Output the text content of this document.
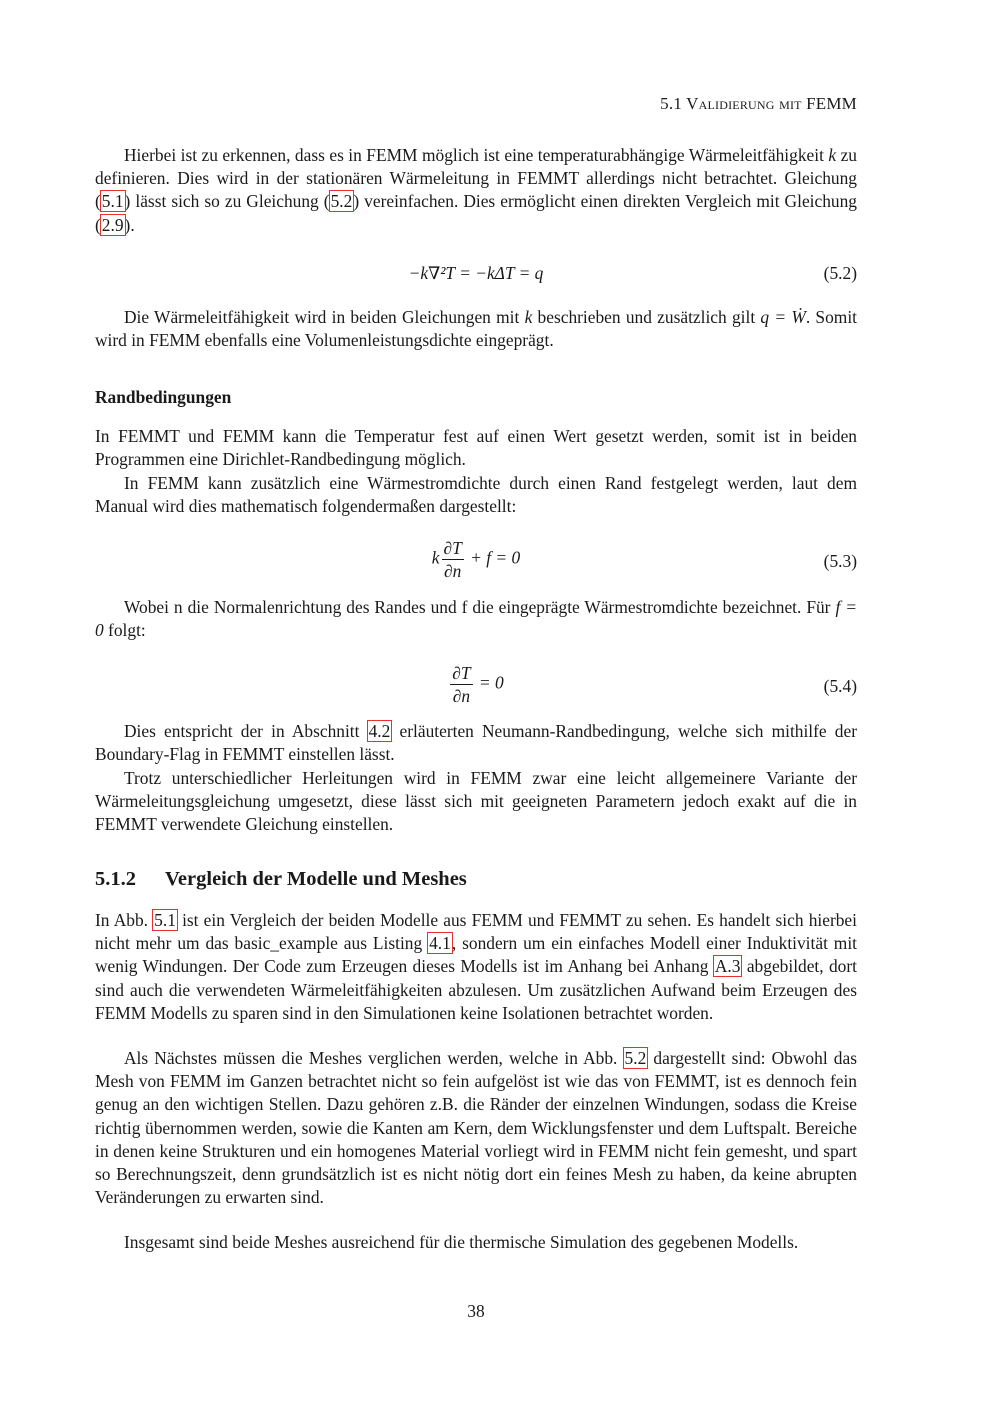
5.1 Validierung mit FEMM

Hierbei ist zu erkennen, dass es in FEMM möglich ist eine temperaturabhängige Wärmeleitfähigkeit k zu definieren. Dies wird in der stationären Wärmeleitung in FEMMT allerdings nicht betrachtet. Gleichung (5.1) lässt sich so zu Gleichung (5.2) vereinfachen. Dies ermöglicht einen direkten Vergleich mit Gleichung (2.9).

−k∇²T = −kΔT = q	(5.2)

Die Wärmeleitfähigkeit wird in beiden Gleichungen mit k beschrieben und zusätzlich gilt q = Ẇ. Somit wird in FEMM ebenfalls eine Volumenleistungsdichte eingeprägt.

Randbedingungen

In FEMMT und FEMM kann die Temperatur fest auf einen Wert gesetzt werden, somit ist in beiden Programmen eine Dirichlet-Randbedingung möglich.

In FEMM kann zusätzlich eine Wärmestromdichte durch einen Rand festgelegt werden, laut dem Manual wird dies mathematisch folgendermaßen dargestellt:

k $\frac{\partial T}{\partial n} + f = 0$	(5.3)

Wobei n die Normalenrichtung des Randes und f die eingeprägte Wärmestromdichte bezeichnet. Für f = 0 folgt:

$\frac{\partial T}{\partial n} = 0$	(5.4)

Dies entspricht der in Abschnitt 4.2 erläuterten Neumann-Randbedingung, welche sich mithilfe der Boundary-Flag in FEMMT einstellen lässt.

Trotz unterschiedlicher Herleitungen wird in FEMM zwar eine leicht allgemeinere Variante der Wärmeleitungsgleichung umgesetzt, diese lässt sich mit geeigneten Parametern jedoch exakt auf die in FEMMT verwendete Gleichung einstellen.

5.1.2 Vergleich der Modelle und Meshes

In Abb. 5.1 ist ein Vergleich der beiden Modelle aus FEMM und FEMMT zu sehen. Es handelt sich hierbei nicht mehr um das basic_example aus Listing 4.1, sondern um ein einfaches Modell einer Induktivität mit wenig Windungen. Der Code zum Erzeugen dieses Modells ist im Anhang bei Anhang A.3 abgebildet, dort sind auch die verwendeten Wärmeleitfähigkeiten abzulesen. Um zusätzlichen Aufwand beim Erzeugen des FEMM Modells zu sparen sind in den Simulationen keine Isolationen betrachtet worden.

Als Nächstes müssen die Meshes verglichen werden, welche in Abb. 5.2 dargestellt sind: Obwohl das Mesh von FEMM im Ganzen betrachtet nicht so fein aufgelöst ist wie das von FEMMT, ist es dennoch fein genug an den wichtigen Stellen. Dazu gehören z.B. die Ränder der einzelnen Windungen, sodass die Kreise richtig übernommen werden, sowie die Kanten am Kern, dem Wicklungsfenster und dem Luftspalt. Bereiche in denen keine Strukturen und ein homogenes Material vorliegt wird in FEMM nicht fein gemesht, und spart so Berechnungszeit, denn grundsätzlich ist es nicht nötig dort ein feines Mesh zu haben, da keine abrupten Veränderungen zu erwarten sind.

Insgesamt sind beide Meshes ausreichend für die thermische Simulation des gegebenen Modells.

38
